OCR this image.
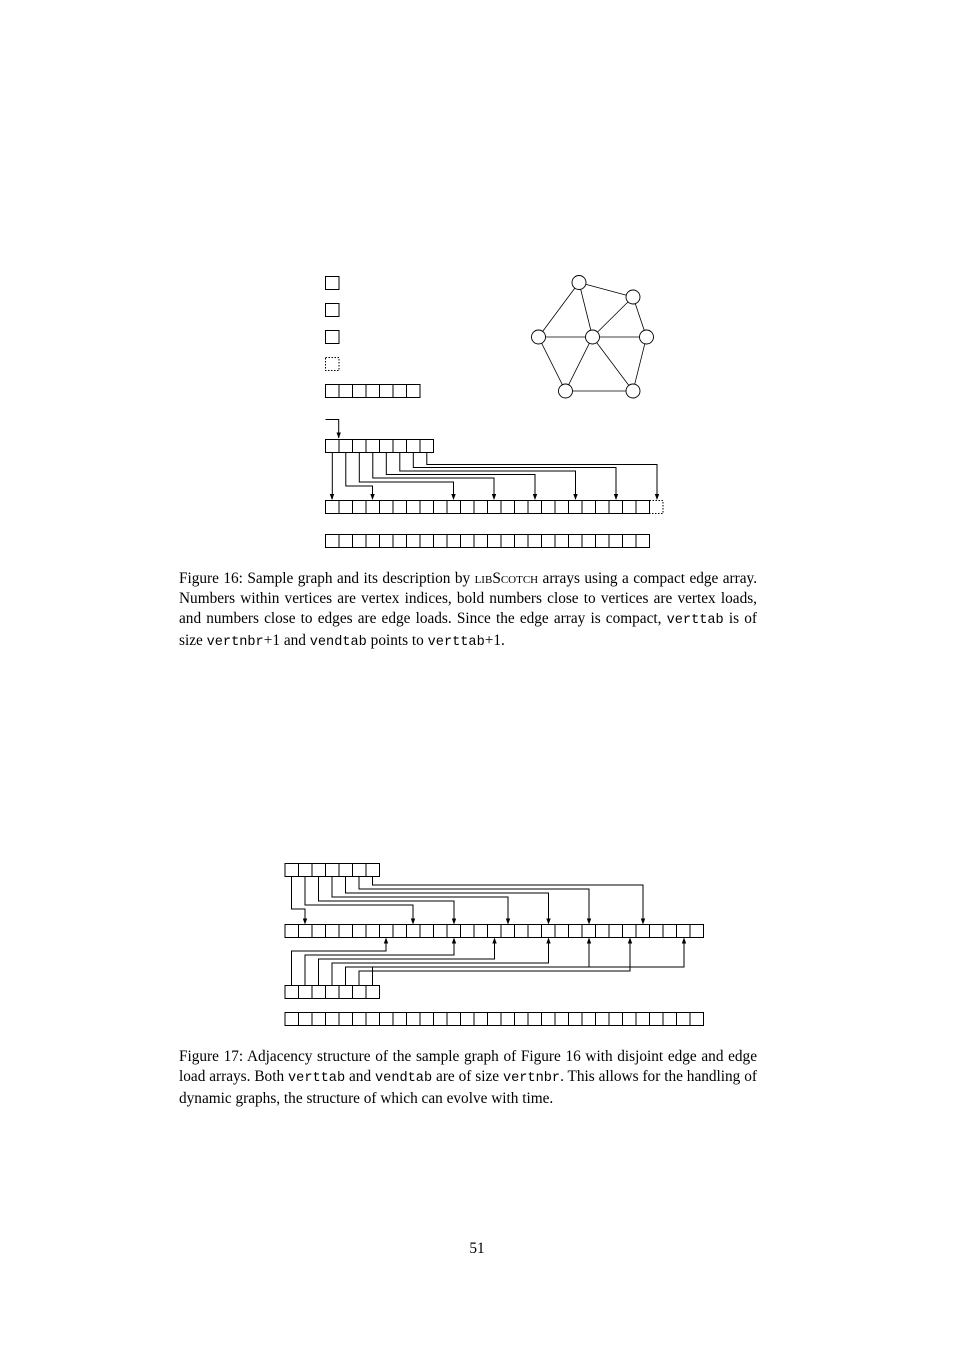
Figure 16: Sample graph and its description by libScotch arrays using a compact edge array. Numbers within vertices are vertex indices, bold numbers close to vertices are vertex loads, and numbers close to edges are edge loads. Since the edge array is compact, verttab is of size vertnbr+1 and vendtab points to verttab+1.

Figure 17: Adjacency structure of the sample graph of Figure 16 with disjoint edge and edge load arrays. Both verttab and vendtab are of size vertnbr. This allows for the handling of dynamic graphs, the structure of which can evolve with time.

51
